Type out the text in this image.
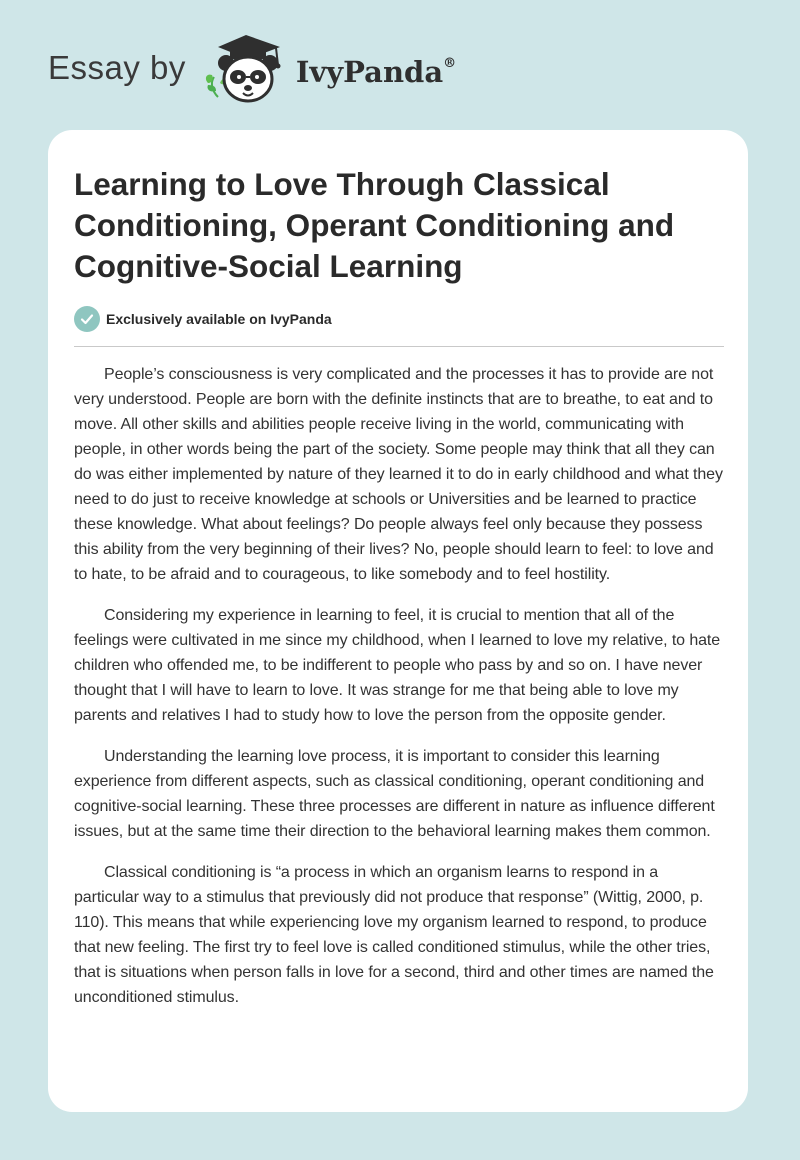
Essay by	IvyPanda®
Learning to Love Through Classical Conditioning, Operant Conditioning and Cognitive-Social Learning
Exclusively available on IvyPanda

People’s consciousness is very complicated and the processes it has to provide are not very understood. People are born with the definite instincts that are to breathe, to eat and to move. All other skills and abilities people receive living in the world, communicating with people, in other words being the part of the society. Some people may think that all they can do was either implemented by nature of they learned it to do in early childhood and what they need to do just to receive knowledge at schools or Universities and be learned to practice these knowledge. What about feelings? Do people always feel only because they possess this ability from the very beginning of their lives? No, people should learn to feel: to love and to hate, to be afraid and to courageous, to like somebody and to feel hostility.

Considering my experience in learning to feel, it is crucial to mention that all of the feelings were cultivated in me since my childhood, when I learned to love my relative, to hate children who offended me, to be indifferent to people who pass by and so on. I have never thought that I will have to learn to love. It was strange for me that being able to love my parents and relatives I had to study how to love the person from the opposite gender.

Understanding the learning love process, it is important to consider this learning experience from different aspects, such as classical conditioning, operant conditioning and cognitive-social learning. These three processes are different in nature as influence different issues, but at the same time their direction to the behavioral learning makes them common.

Classical conditioning is “a process in which an organism learns to respond in a particular way to a stimulus that previously did not produce that response” (Wittig, 2000, p. 110). This means that while experiencing love my organism learned to respond, to produce that new feeling. The first try to feel love is called conditioned stimulus, while the other tries, that is situations when person falls in love for a second, third and other times are named the unconditioned stimulus.
